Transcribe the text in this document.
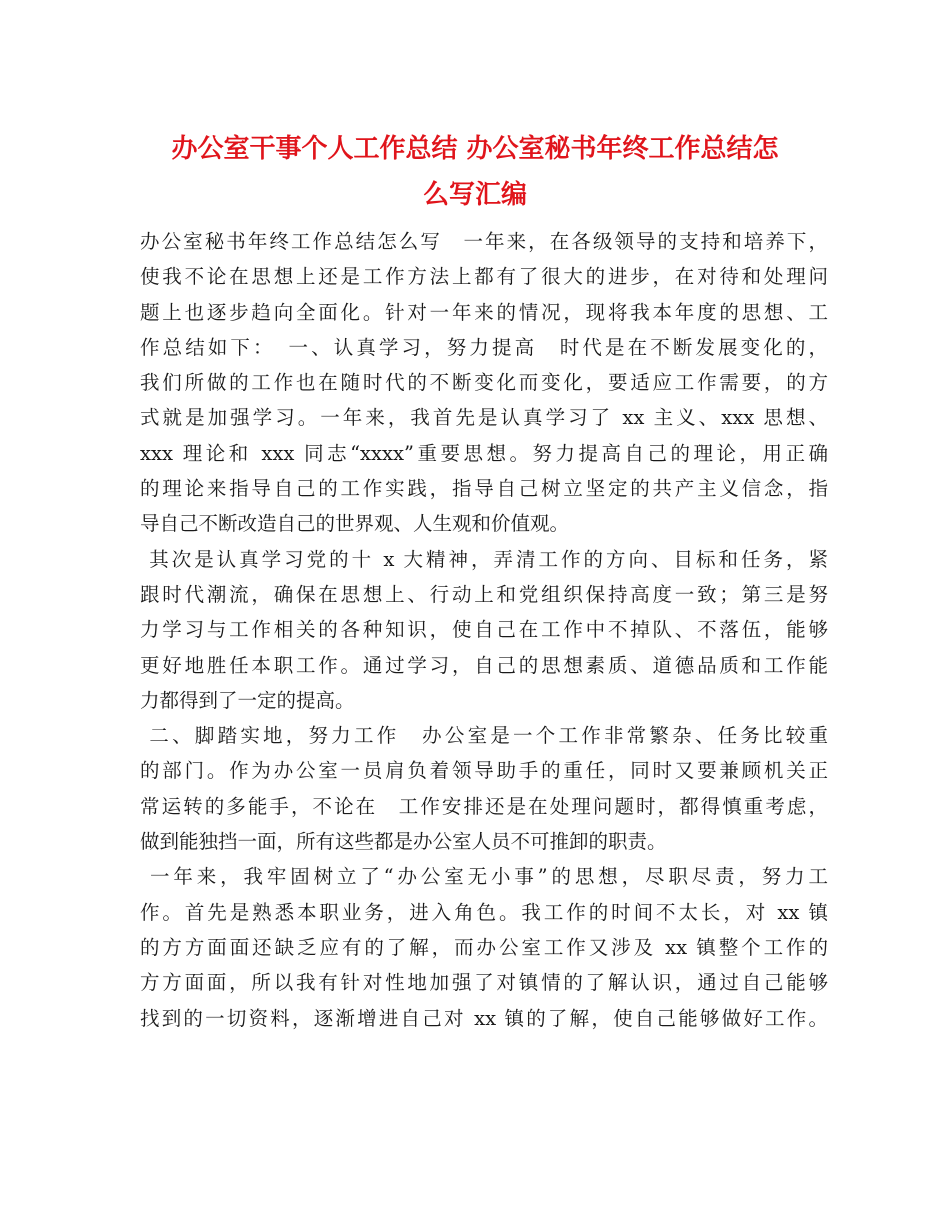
办公室干事个人工作总结 办公室秘书年终工作总结怎
么写汇编
办公室秘书年终工作总结怎么写　一年来，在各级领导的支持和培养下，
使我不论在思想上还是工作方法上都有了很大的进步，在对待和处理问
题上也逐步趋向全面化。针对一年来的情况，现将我本年度的思想、工
作总结如下：　一、认真学习，努力提高　时代是在不断发展变化的，
我们所做的工作也在随时代的不断变化而变化，要适应工作需要，的方
式就是加强学习。一年来，我首先是认真学习了 xx 主义、xxx 思想、
xxx 理论和 xxx 同志“xxxx”重要思想。努力提高自己的理论，用正确
的理论来指导自己的工作实践，指导自己树立坚定的共产主义信念，指
导自己不断改造自己的世界观、人生观和价值观。
其次是认真学习党的十 x 大精神，弄清工作的方向、目标和任务，紧
跟时代潮流，确保在思想上、行动上和党组织保持高度一致；第三是努
力学习与工作相关的各种知识，使自己在工作中不掉队、不落伍，能够
更好地胜任本职工作。通过学习，自己的思想素质、道德品质和工作能
力都得到了一定的提高。
二、脚踏实地，努力工作　办公室是一个工作非常繁杂、任务比较重
的部门。作为办公室一员肩负着领导助手的重任，同时又要兼顾机关正
常运转的多能手，不论在　工作安排还是在处理问题时，都得慎重考虑，
做到能独挡一面，所有这些都是办公室人员不可推卸的职责。
一年来，我牢固树立了“办公室无小事”的思想，尽职尽责，努力工
作。首先是熟悉本职业务，进入角色。我工作的时间不太长，对 xx 镇
的方方面面还缺乏应有的了解，而办公室工作又涉及 xx 镇整个工作的
方方面面，所以我有针对性地加强了对镇情的了解认识，通过自己能够
找到的一切资料，逐渐增进自己对 xx 镇的了解，使自己能够做好工作。
